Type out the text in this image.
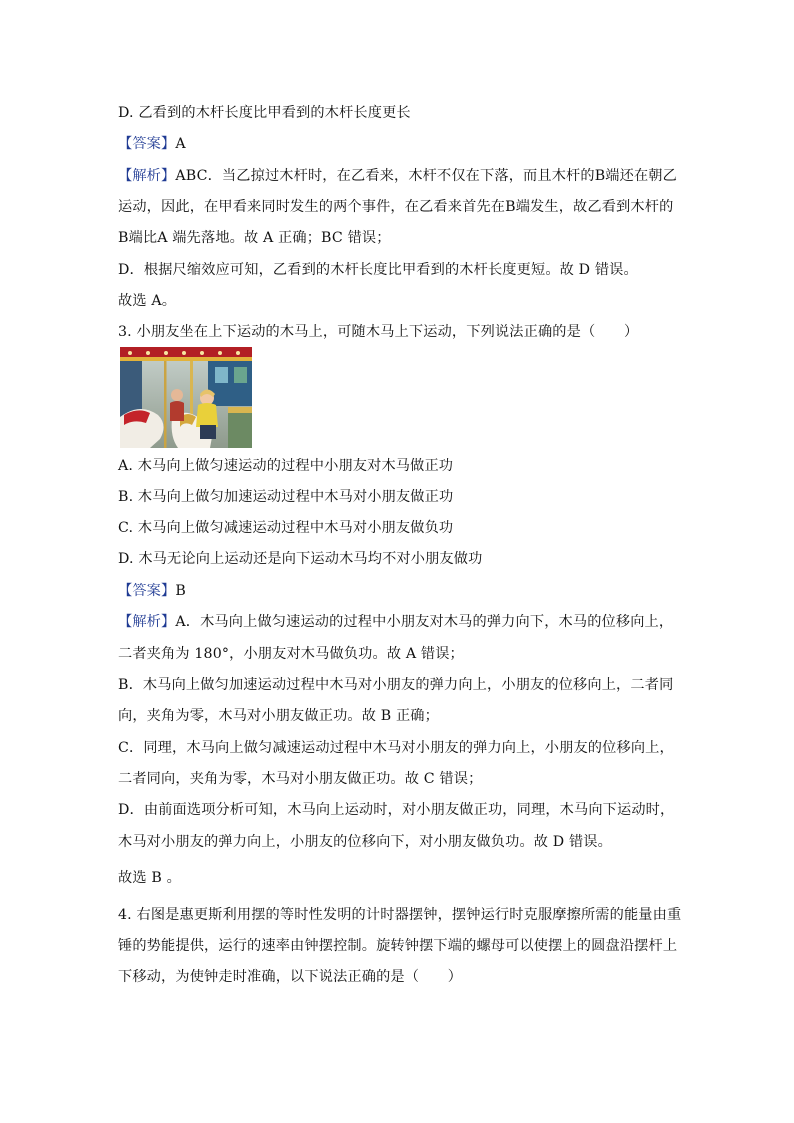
D. 乙看到的木杆长度比甲看到的木杆长度更长
【答案】A
【解析】ABC．当乙掠过木杆时，在乙看来，木杆不仅在下落，而且木杆的B端还在朝乙
运动，因此，在甲看来同时发生的两个事件，在乙看来首先在B端发生，故乙看到木杆的
B端比A 端先落地。故 A 正确；BC 错误；
D．根据尺缩效应可知，乙看到的木杆长度比甲看到的木杆长度更短。故 D 错误。
故选 A。
3. 小朋友坐在上下运动的木马上，可随木马上下运动，下列说法正确的是（　　）
A. 木马向上做匀速运动的过程中小朋友对木马做正功
B. 木马向上做匀加速运动过程中木马对小朋友做正功
C. 木马向上做匀减速运动过程中木马对小朋友做负功
D. 木马无论向上运动还是向下运动木马均不对小朋友做功
【答案】B
【解析】A．木马向上做匀速运动的过程中小朋友对木马的弹力向下，木马的位移向上，
二者夹角为 180°，小朋友对木马做负功。故 A 错误；
B．木马向上做匀加速运动过程中木马对小朋友的弹力向上，小朋友的位移向上，二者同
向，夹角为零，木马对小朋友做正功。故 B 正确；
C．同理，木马向上做匀减速运动过程中木马对小朋友的弹力向上，小朋友的位移向上，
二者同向，夹角为零，木马对小朋友做正功。故 C 错误；
D．由前面选项分析可知，木马向上运动时，对小朋友做正功，同理，木马向下运动时，
木马对小朋友的弹力向上，小朋友的位移向下，对小朋友做负功。故 D 错误。
故选 B 。
4. 右图是惠更斯利用摆的等时性发明的计时器摆钟，摆钟运行时克服摩擦所需的能量由重
锤的势能提供，运行的速率由钟摆控制。旋转钟摆下端的螺母可以使摆上的圆盘沿摆杆上
下移动，为使钟走时准确，以下说法正确的是（　　）
